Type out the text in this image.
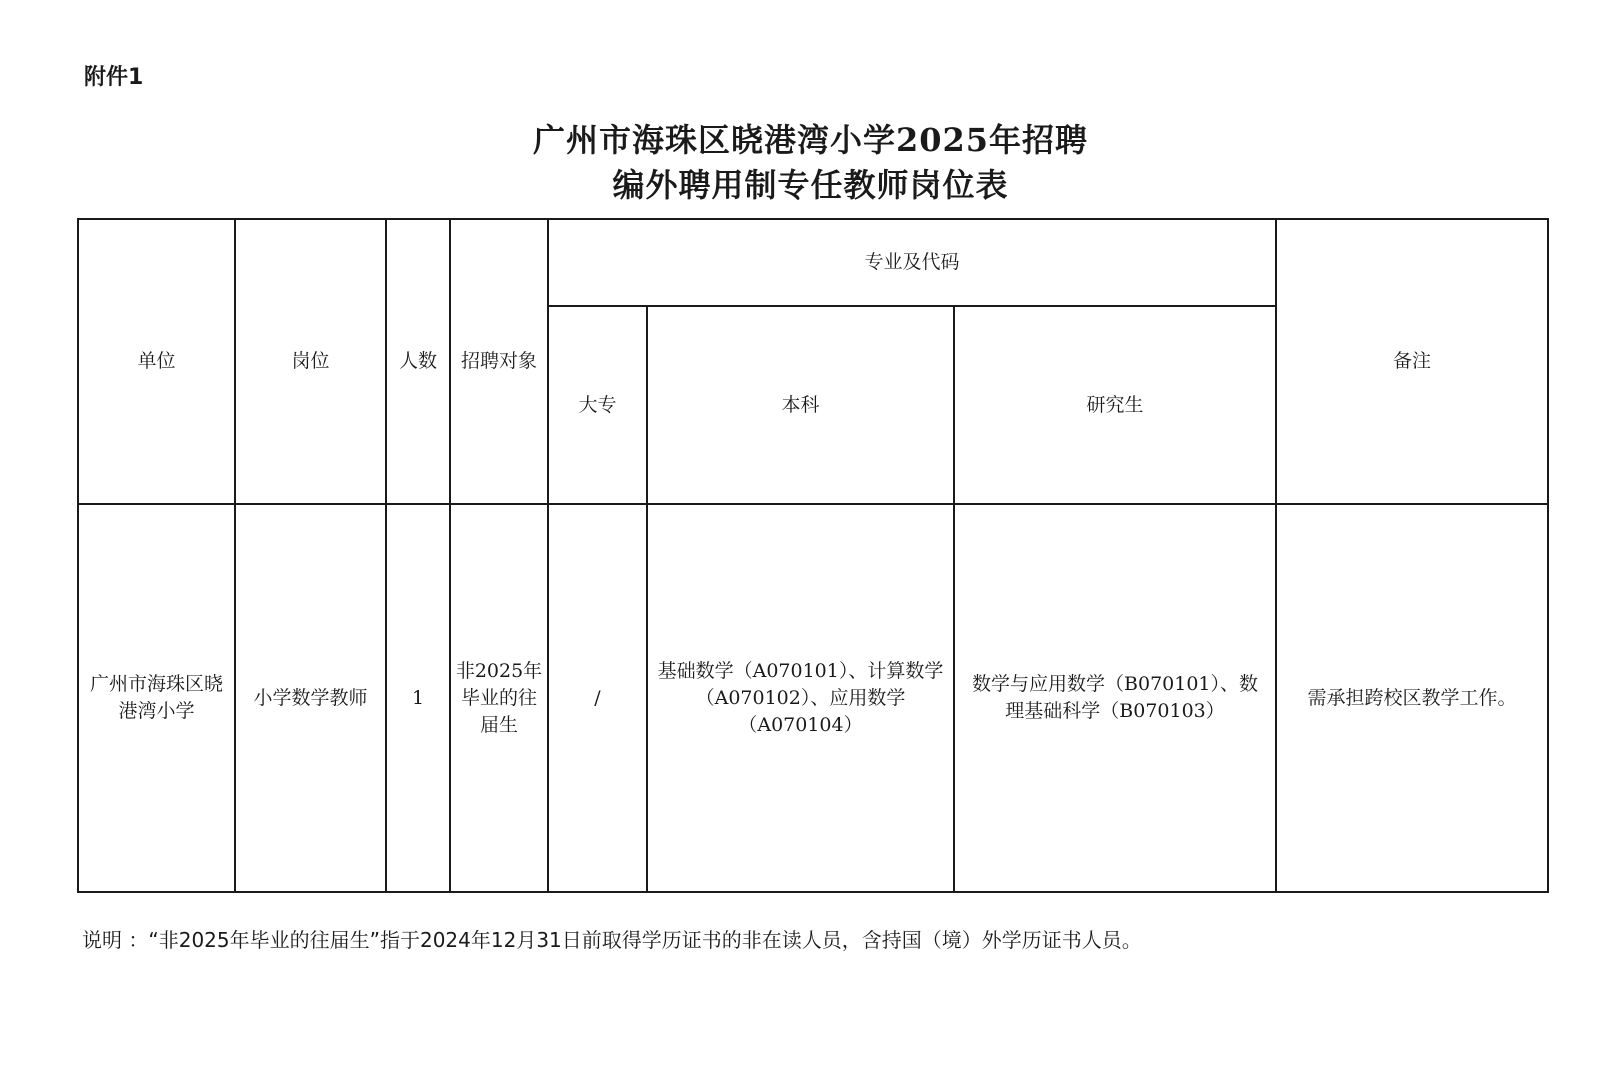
附件1
广州市海珠区晓港湾小学2025年招聘
编外聘用制专任教师岗位表
单位	岗位	人数	招聘对象	专业及代码			备注
				大专	本科	研究生	
广州市海珠区晓港湾小学	小学数学教师	1	非2025年毕业的往届生	/	基础数学（A070101）、计算数学（A070102）、应用数学（A070104）	数学与应用数学（B070101）、数理基础科学（B070103）	需承担跨校区教学工作。
说明 ：“非2025年毕业的往届生”指于2024年12月31日前取得学历证书的非在读人员，含持国（境）外学历证书人员。
